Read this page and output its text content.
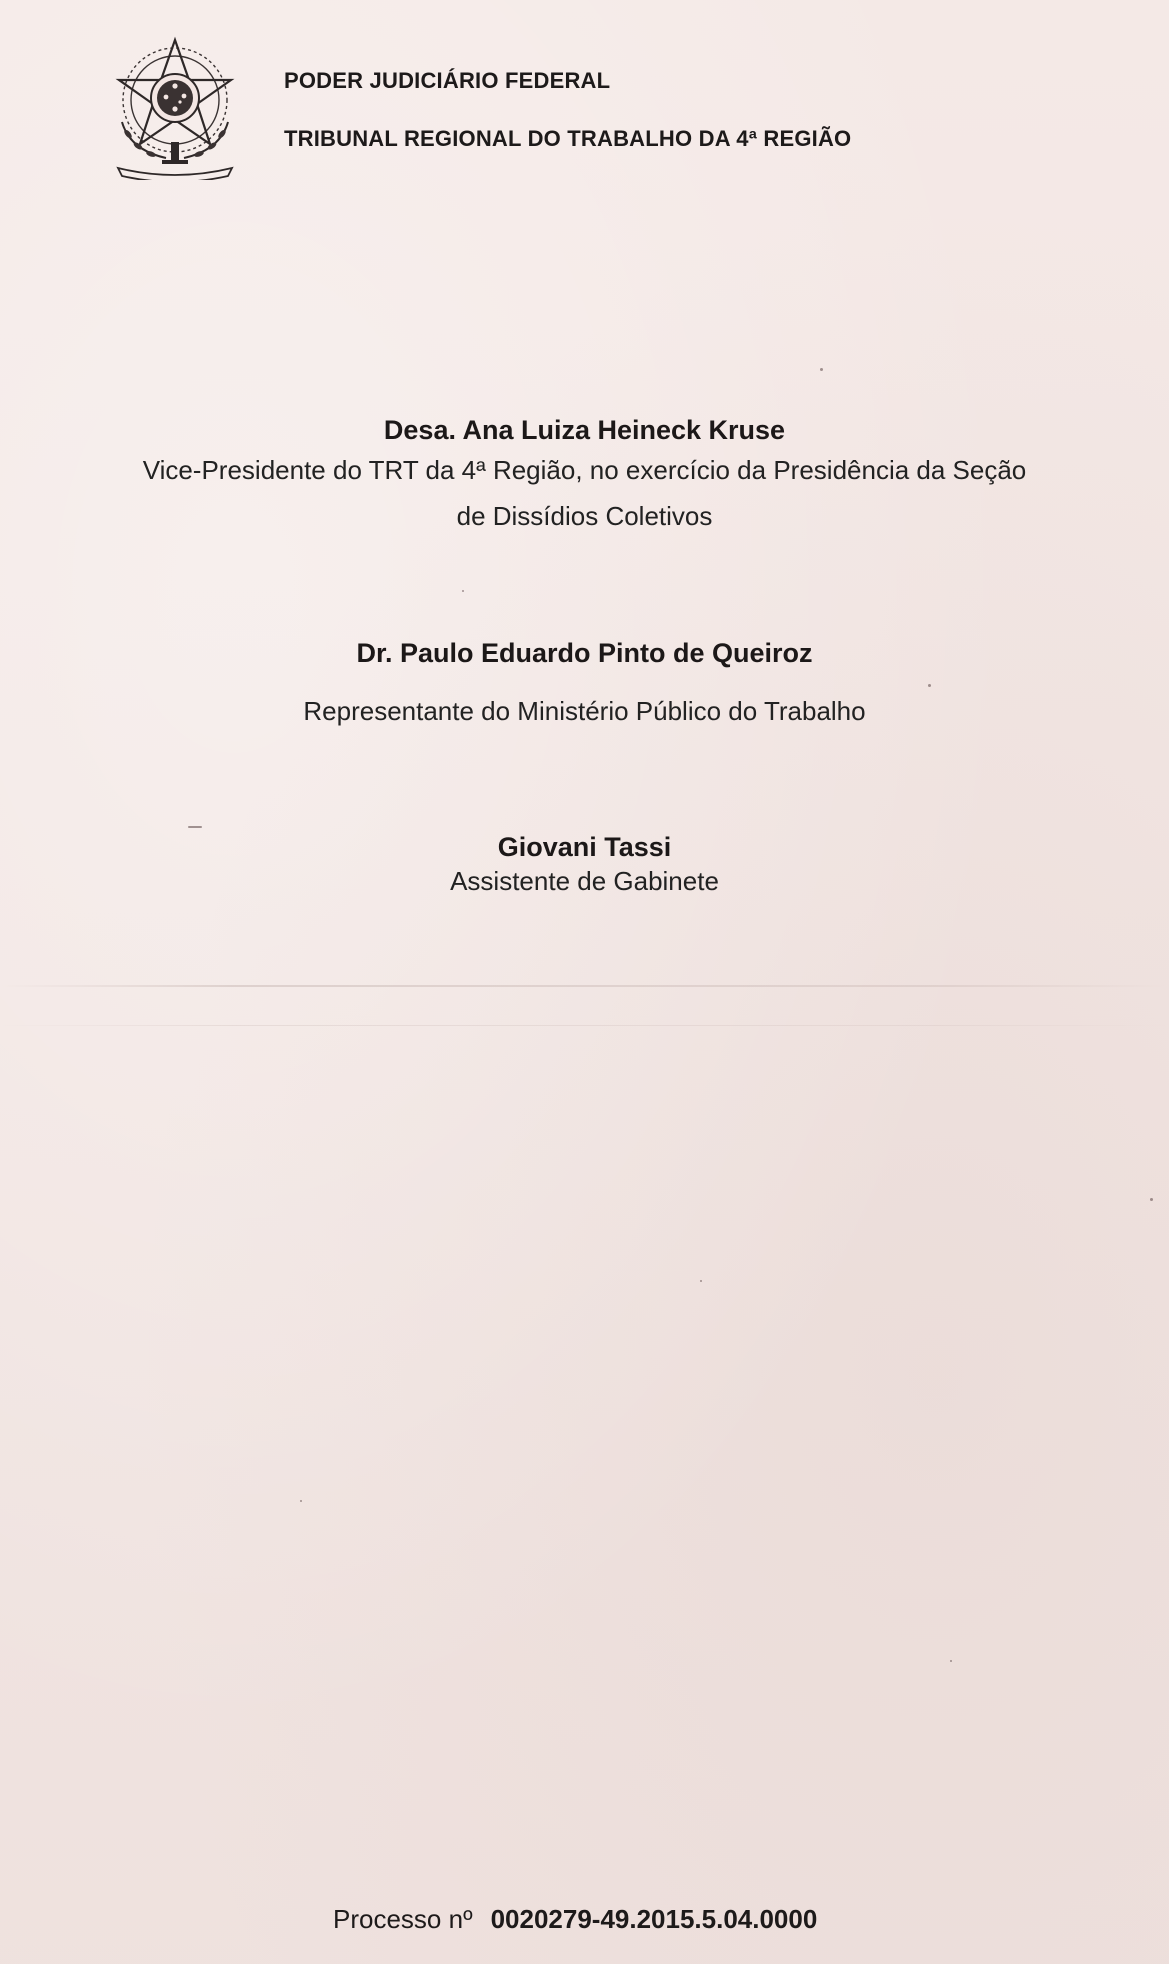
PODER JUDICIÁRIO FEDERAL
TRIBUNAL REGIONAL DO TRABALHO DA 4ª REGIÃO
Desa. Ana Luiza Heineck Kruse
Vice-Presidente do TRT da 4ª Região, no exercício da Presidência da Seção
de Dissídios Coletivos
Dr. Paulo Eduardo Pinto de Queiroz
Representante do Ministério Público do Trabalho
Giovani Tassi
Assistente de Gabinete
Processo nº 0020279-49.2015.5.04.0000
